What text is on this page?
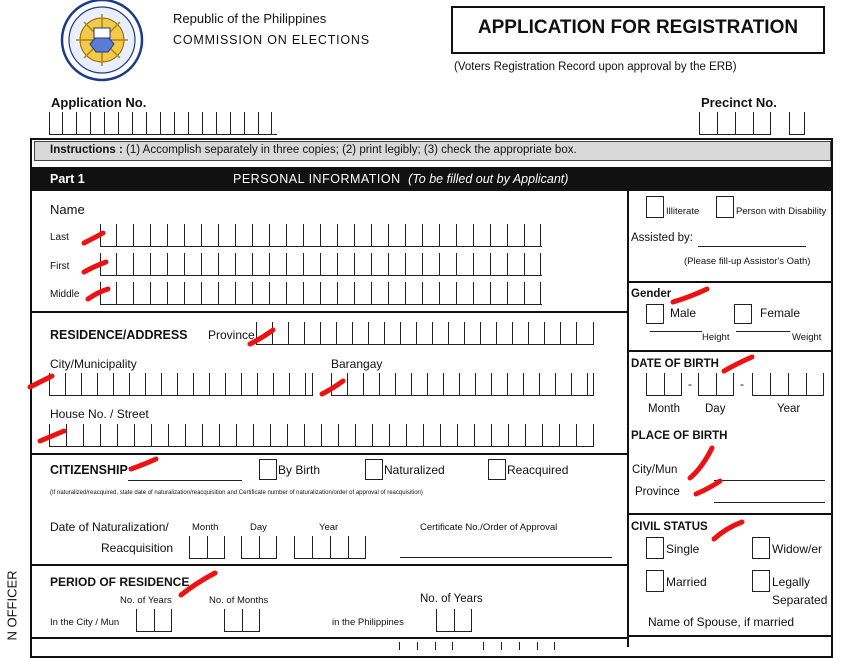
Republic of the Philippines
COMMISSION ON ELECTIONS
APPLICATION FOR REGISTRATION
(Voters Registration Record upon approval by the ERB)
Application No.	Precinct No.
Instructions : (1) Accomplish separately in three copies; (2) print legibly; (3) check the appropriate box.
Part 1	PERSONAL INFORMATION (To be filled out by Applicant)
Name
Last
First
Middle
RESIDENCE/ADDRESS Province
City/Municipality	Barangay
House No. / Street
CITIZENSHIP	By Birth	Naturalized	Reacquired
(If naturalized/reacquired, state date of naturalization/reacquisition and Certificate number of naturalization/order of approval of reacquisition)
Date of Naturalization/
Reacquisition
Month	Day	Year	Certificate No./Order of Approval
PERIOD OF RESIDENCE
No. of Years	No. of Months
In the City / Mun
No. of Years
in the Philippines
Illiterate	Person with Disability
Assisted by:
(Please fill-up Assistor's Oath)
Gender
Male	Female
Height	Weight
DATE OF BIRTH
-	-
Month Day	Year
PLACE OF BIRTH
City/Mun
Province
CIVIL STATUS
Single	Widow/er
Married	Legally
Separated
Name of Spouse, if married
N OFFICER
